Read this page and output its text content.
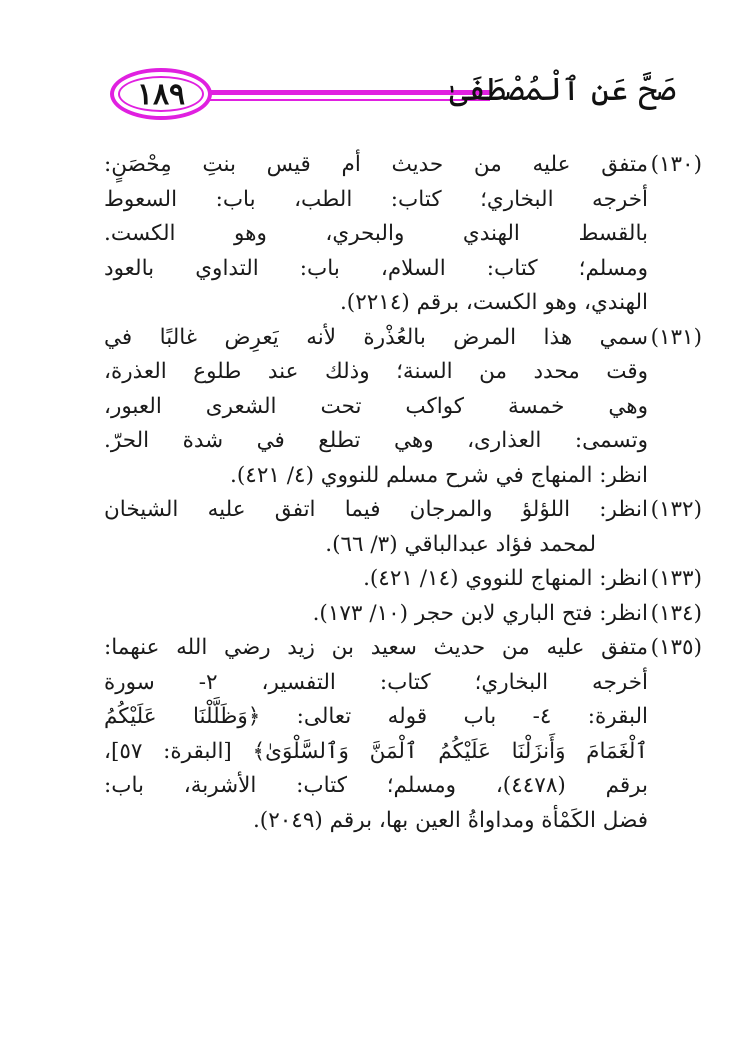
١٨٩	صَحَّ عَنِ ٱلْمُصْطَفَىٰ
(١٣٠)
متفق عليه من حديث أم قيس بنتِ مِحْصَنٍ:
أخرجه البخاري؛ كتاب: الطب، باب: السعوط
بالقسط الهندي والبحري، وهو الكست.
ومسلم؛ كتاب: السلام، باب: التداوي بالعود
الهندي، وهو الكست، برقم (٢٢١٤).
(١٣١)
سمي هذا المرض بالعُذْرة لأنه يَعرِض غالبًا في
وقت محدد من السنة؛ وذلك عند طلوع العذرة،
وهي خمسة كواكب تحت الشعرى العبور،
وتسمى: العذارى، وهي تطلع في شدة الحرّ.
انظر: المنهاج في شرح مسلم للنووي (٤/ ٤٢١).
(١٣٢)
انظر: اللؤلؤ والمرجان فيما اتفق عليه الشيخان
لمحمد فؤاد عبدالباقي (٣/ ٦٦).
(١٣٣)
انظر: المنهاج للنووي (١٤/ ٤٢١).
(١٣٤)
انظر: فتح الباري لابن حجر (١٠/ ١٧٣).
(١٣٥)
متفق عليه من حديث سعيد بن زيد رضي الله عنهما:
أخرجه البخاري؛ كتاب: التفسير، ٢- سورة
البقرة: ٤- باب قوله تعالى: ﴿وَظَلَّلْنَا عَلَيْكُمُ
ٱلْغَمَامَ وَأَنزَلْنَا عَلَيْكُمُ ٱلْمَنَّ وَٱلسَّلْوَىٰ﴾ [البقرة: ٥٧]،
برقم (٤٤٧٨)، ومسلم؛ كتاب: الأشربة، باب:
فضل الكَمْأة ومداواةُ العين بها، برقم (٢٠٤٩).
